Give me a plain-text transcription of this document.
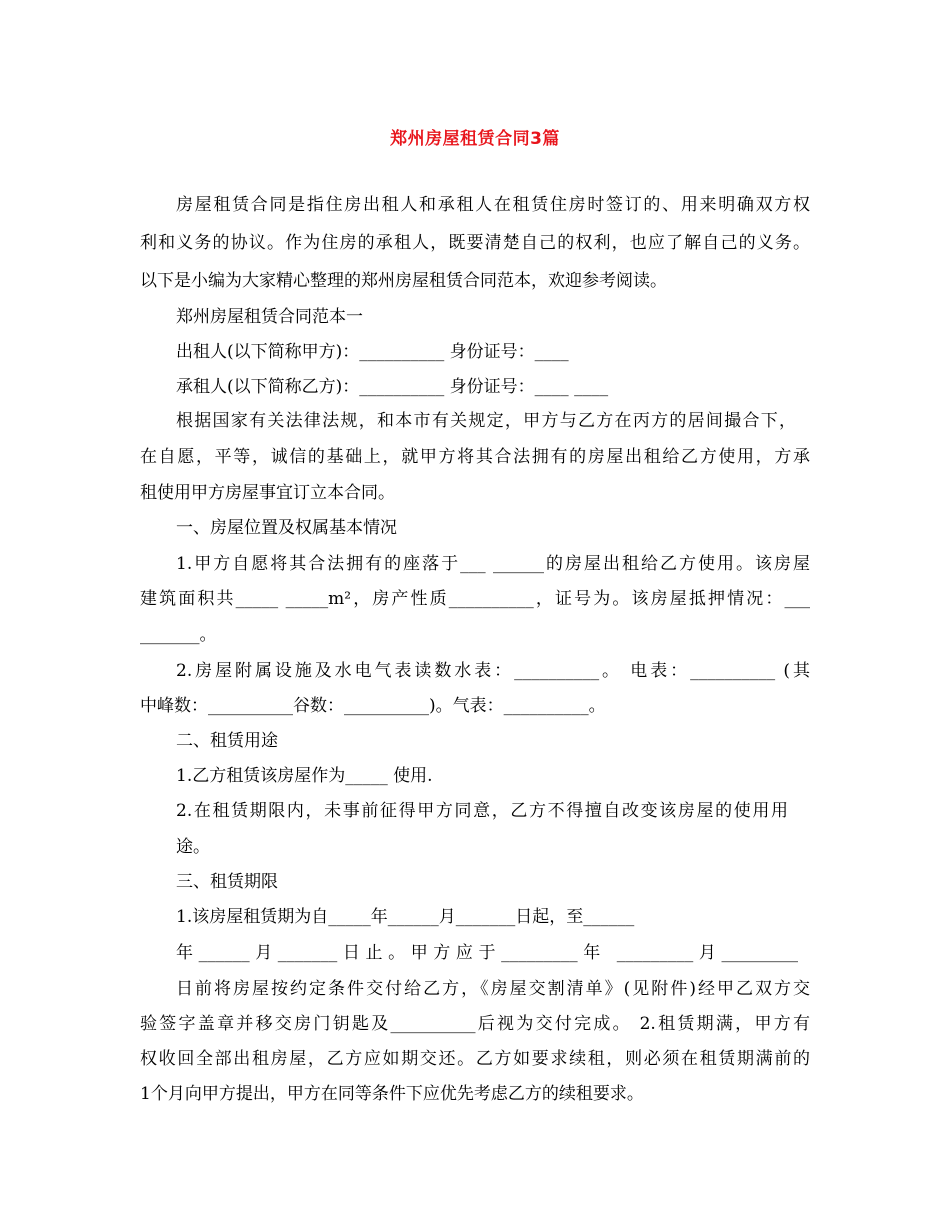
郑州房屋租赁合同3篇
房屋租赁合同是指住房出租人和承租人在租赁住房时签订的、用来明确双方权
利和义务的协议。作为住房的承租人，既要清楚自己的权利，也应了解自己的义务。
以下是小编为大家精心整理的郑州房屋租赁合同范本，欢迎参考阅读。
郑州房屋租赁合同范本一
出租人(以下简称甲方)：__________ 身份证号：____
承租人(以下简称乙方)：__________ 身份证号：____ ____
根据国家有关法律法规，和本市有关规定，甲方与乙方在丙方的居间撮合下，
在自愿，平等，诚信的基础上，就甲方将其合法拥有的房屋出租给乙方使用，方承
租使用甲方房屋事宜订立本合同。
一、房屋位置及权属基本情况
1.甲方自愿将其合法拥有的座落于___ ______的房屋出租给乙方使用。该房屋
建筑面积共_____ _____m²，房产性质__________，证号为。该房屋抵押情况：___
_______。
2.房屋附属设施及水电气表读数水表：__________。 电表：__________ (其
中峰数：__________谷数：__________)。气表：__________。
二、租赁用途
1.乙方租赁该房屋作为_____ 使用.
2.在租赁期限内，未事前征得甲方同意，乙方不得擅自改变该房屋的使用用
途。
三、租赁期限
1.该房屋租赁期为自_____年______月_______日起，至______
年______月_______日止。甲方应于_________年 _________月_________
日前将房屋按约定条件交付给乙方，《房屋交割清单》(见附件)经甲乙双方交
验签字盖章并移交房门钥匙及__________后视为交付完成。 2.租赁期满，甲方有
权收回全部出租房屋，乙方应如期交还。乙方如要求续租，则必须在租赁期满前的
1个月向甲方提出，甲方在同等条件下应优先考虑乙方的续租要求。
